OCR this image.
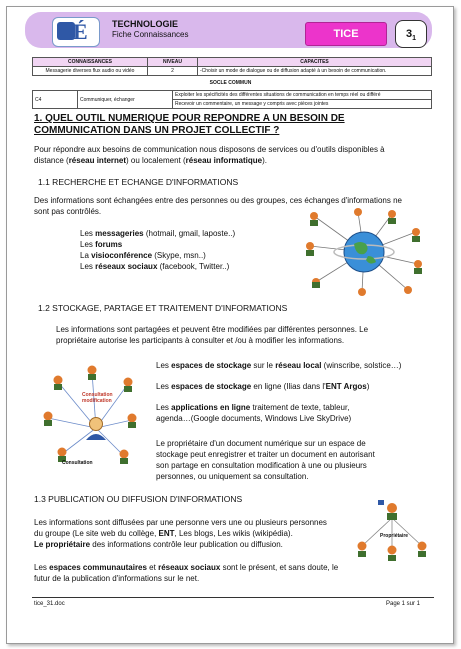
É	TECHNOLOGIE
Fiche Connaissances	TICE	$3_1$
CONNAISSANCES	NIVEAU	CAPACITES
Messagerie diverses flux audio ou vidéo	2	-Choisir un mode de dialogue ou de diffusion adapté à un besoin de communication.
SOCLE COMMUN
C4	Communiquer, échanger	Exploiter les spécificités des différentes situations de communication en temps réel ou différé
Recevoir un commentaire, un message y compris avec pièces jointes
1. QUEL OUTIL NUMERIQUE POUR REPONDRE A UN BESOIN DE COMMUNICATION DANS UN PROJET COLLECTIF ?
Pour répondre aux besoins de communication nous disposons de services ou d'outils disponibles à
distance (réseau internet) ou localement (réseau informatique).
1.1 RECHERCHE ET ECHANGE D'INFORMATIONS
Des informations sont échangées entre des personnes ou des groupes, ces échanges d'informations ne
sont pas contrôlés.
Les messageries (hotmail, gmail, laposte..)
Les forums
La visioconférence (Skype, msn..)
Les réseaux sociaux (facebook, Twitter..)
1.2 STOCKAGE, PARTAGE ET TRAITEMENT D'INFORMATIONS
Les informations sont partagées et peuvent être modifiées par différentes personnes. Le
propriétaire autorise les participants à consulter et /ou à modifier les informations.
Consultation
modification
Consultation
Les espaces de stockage sur le réseau local (winscribe, solstice…)
Les espaces de stockage en ligne (Ilias dans l'ENT Argos)
Les applications en ligne traitement de texte, tableur,
agenda…(Google documents, Windows Live SkyDrive)
Le propriétaire d'un document numérique sur un espace de
stockage peut enregistrer et traiter un document en autorisant
son partage en consultation modification à une ou plusieurs
personnes, ou uniquement sa consultation.
1.3 PUBLICATION OU DIFFUSION D'INFORMATIONS
Les informations sont diffusées par une personne vers une ou plusieurs personnes
du groupe (Le site web du collège, ENT, Les blogs, Les wikis (wikipédia).
Le propriétaire des informations contrôle leur publication ou diffusion.
Les espaces communautaires et réseaux sociaux sont le présent, et sans doute, le
futur de la publication d'informations sur le net.
Propriétaire
tice_31.doc	Page 1 sur 1
